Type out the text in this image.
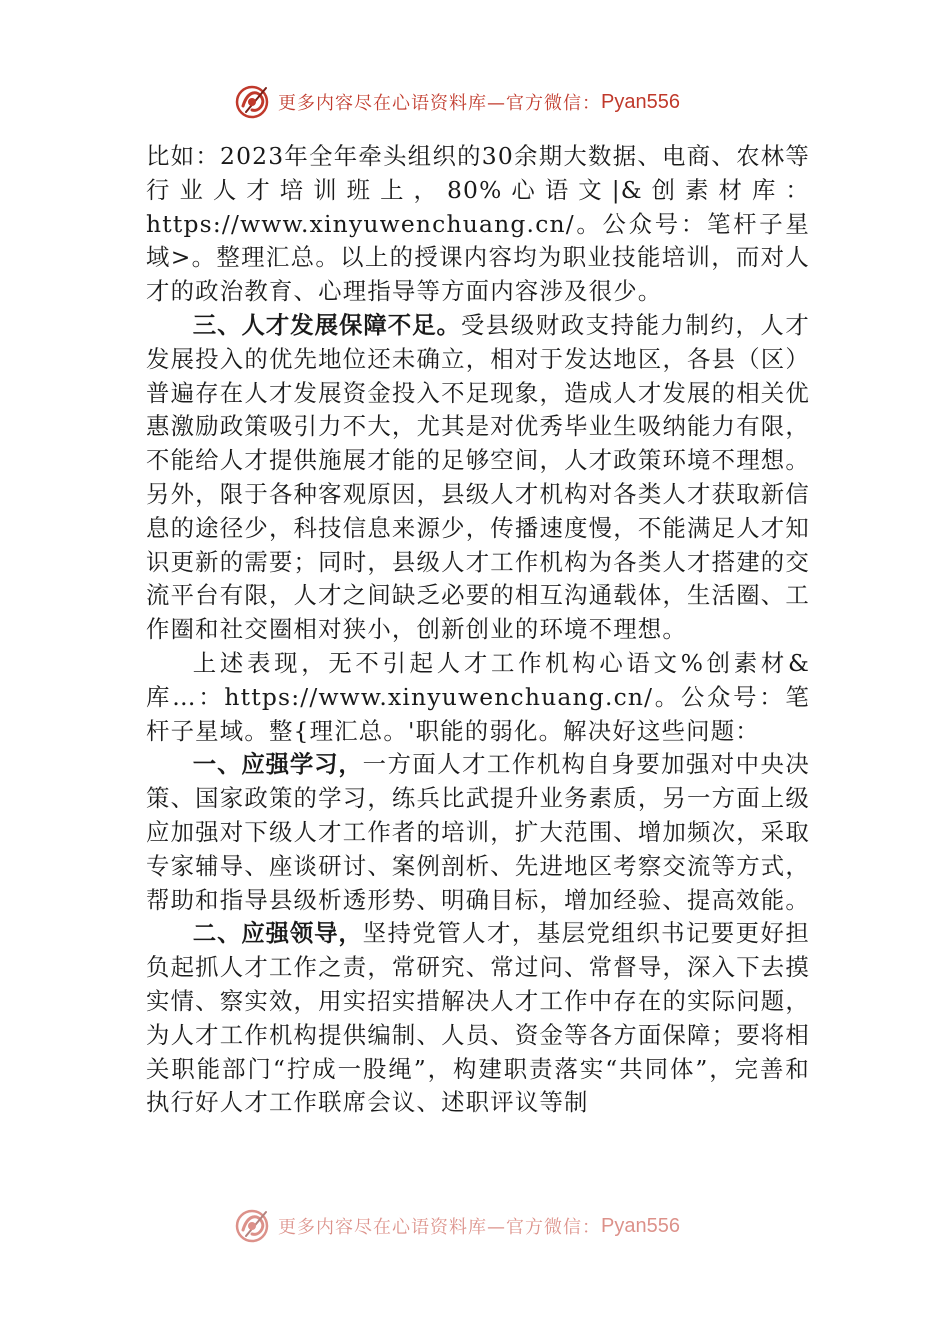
更多内容尽在心语资料库—官方微信： Pyan556

比如：2023年全年牵头组织的30余期大数据、电商、农林等行业人才培训班上，80%心语文|&创素材库：https://www.xinyuwenchuang.cn/。公众号：笔杆子星域>。整理汇总。以上的授课内容均为职业技能培训，而对人才的政治教育、心理指导等方面内容涉及很少。

三、人才发展保障不足。受县级财政支持能力制约，人才发展投入的优先地位还未确立，相对于发达地区，各县（区）普遍存在人才发展资金投入不足现象，造成人才发展的相关优惠激励政策吸引力不大，尤其是对优秀毕业生吸纳能力有限，不能给人才提供施展才能的足够空间，人才政策环境不理想。另外，限于各种客观原因，县级人才机构对各类人才获取新信息的途径少，科技信息来源少，传播速度慢，不能满足人才知识更新的需要；同时，县级人才工作机构为各类人才搭建的交流平台有限，人才之间缺乏必要的相互沟通载体，生活圈、工作圈和社交圈相对狭小，创新创业的环境不理想。

上述表现，无不引起人才工作机构心语文%创素材&库…：https://www.xinyuwenchuang.cn/。公众号：笔杆子星域。整{理汇总。'职能的弱化。解决好这些问题：

一、应强学习，一方面人才工作机构自身要加强对中央决策、国家政策的学习，练兵比武提升业务素质，另一方面上级应加强对下级人才工作者的培训，扩大范围、增加频次，采取专家辅导、座谈研讨、案例剖析、先进地区考察交流等方式，帮助和指导县级析透形势、明确目标，增加经验、提高效能。

二、应强领导，坚持党管人才，基层党组织书记要更好担负起抓人才工作之责，常研究、常过问、常督导，深入下去摸实情、察实效，用实招实措解决人才工作中存在的实际问题，为人才工作机构提供编制、人员、资金等各方面保障；要将相关职能部门“拧成一股绳”，构建职责落实“共同体”，完善和执行好人才工作联席会议、述职评议等制

更多内容尽在心语资料库—官方微信： Pyan556
